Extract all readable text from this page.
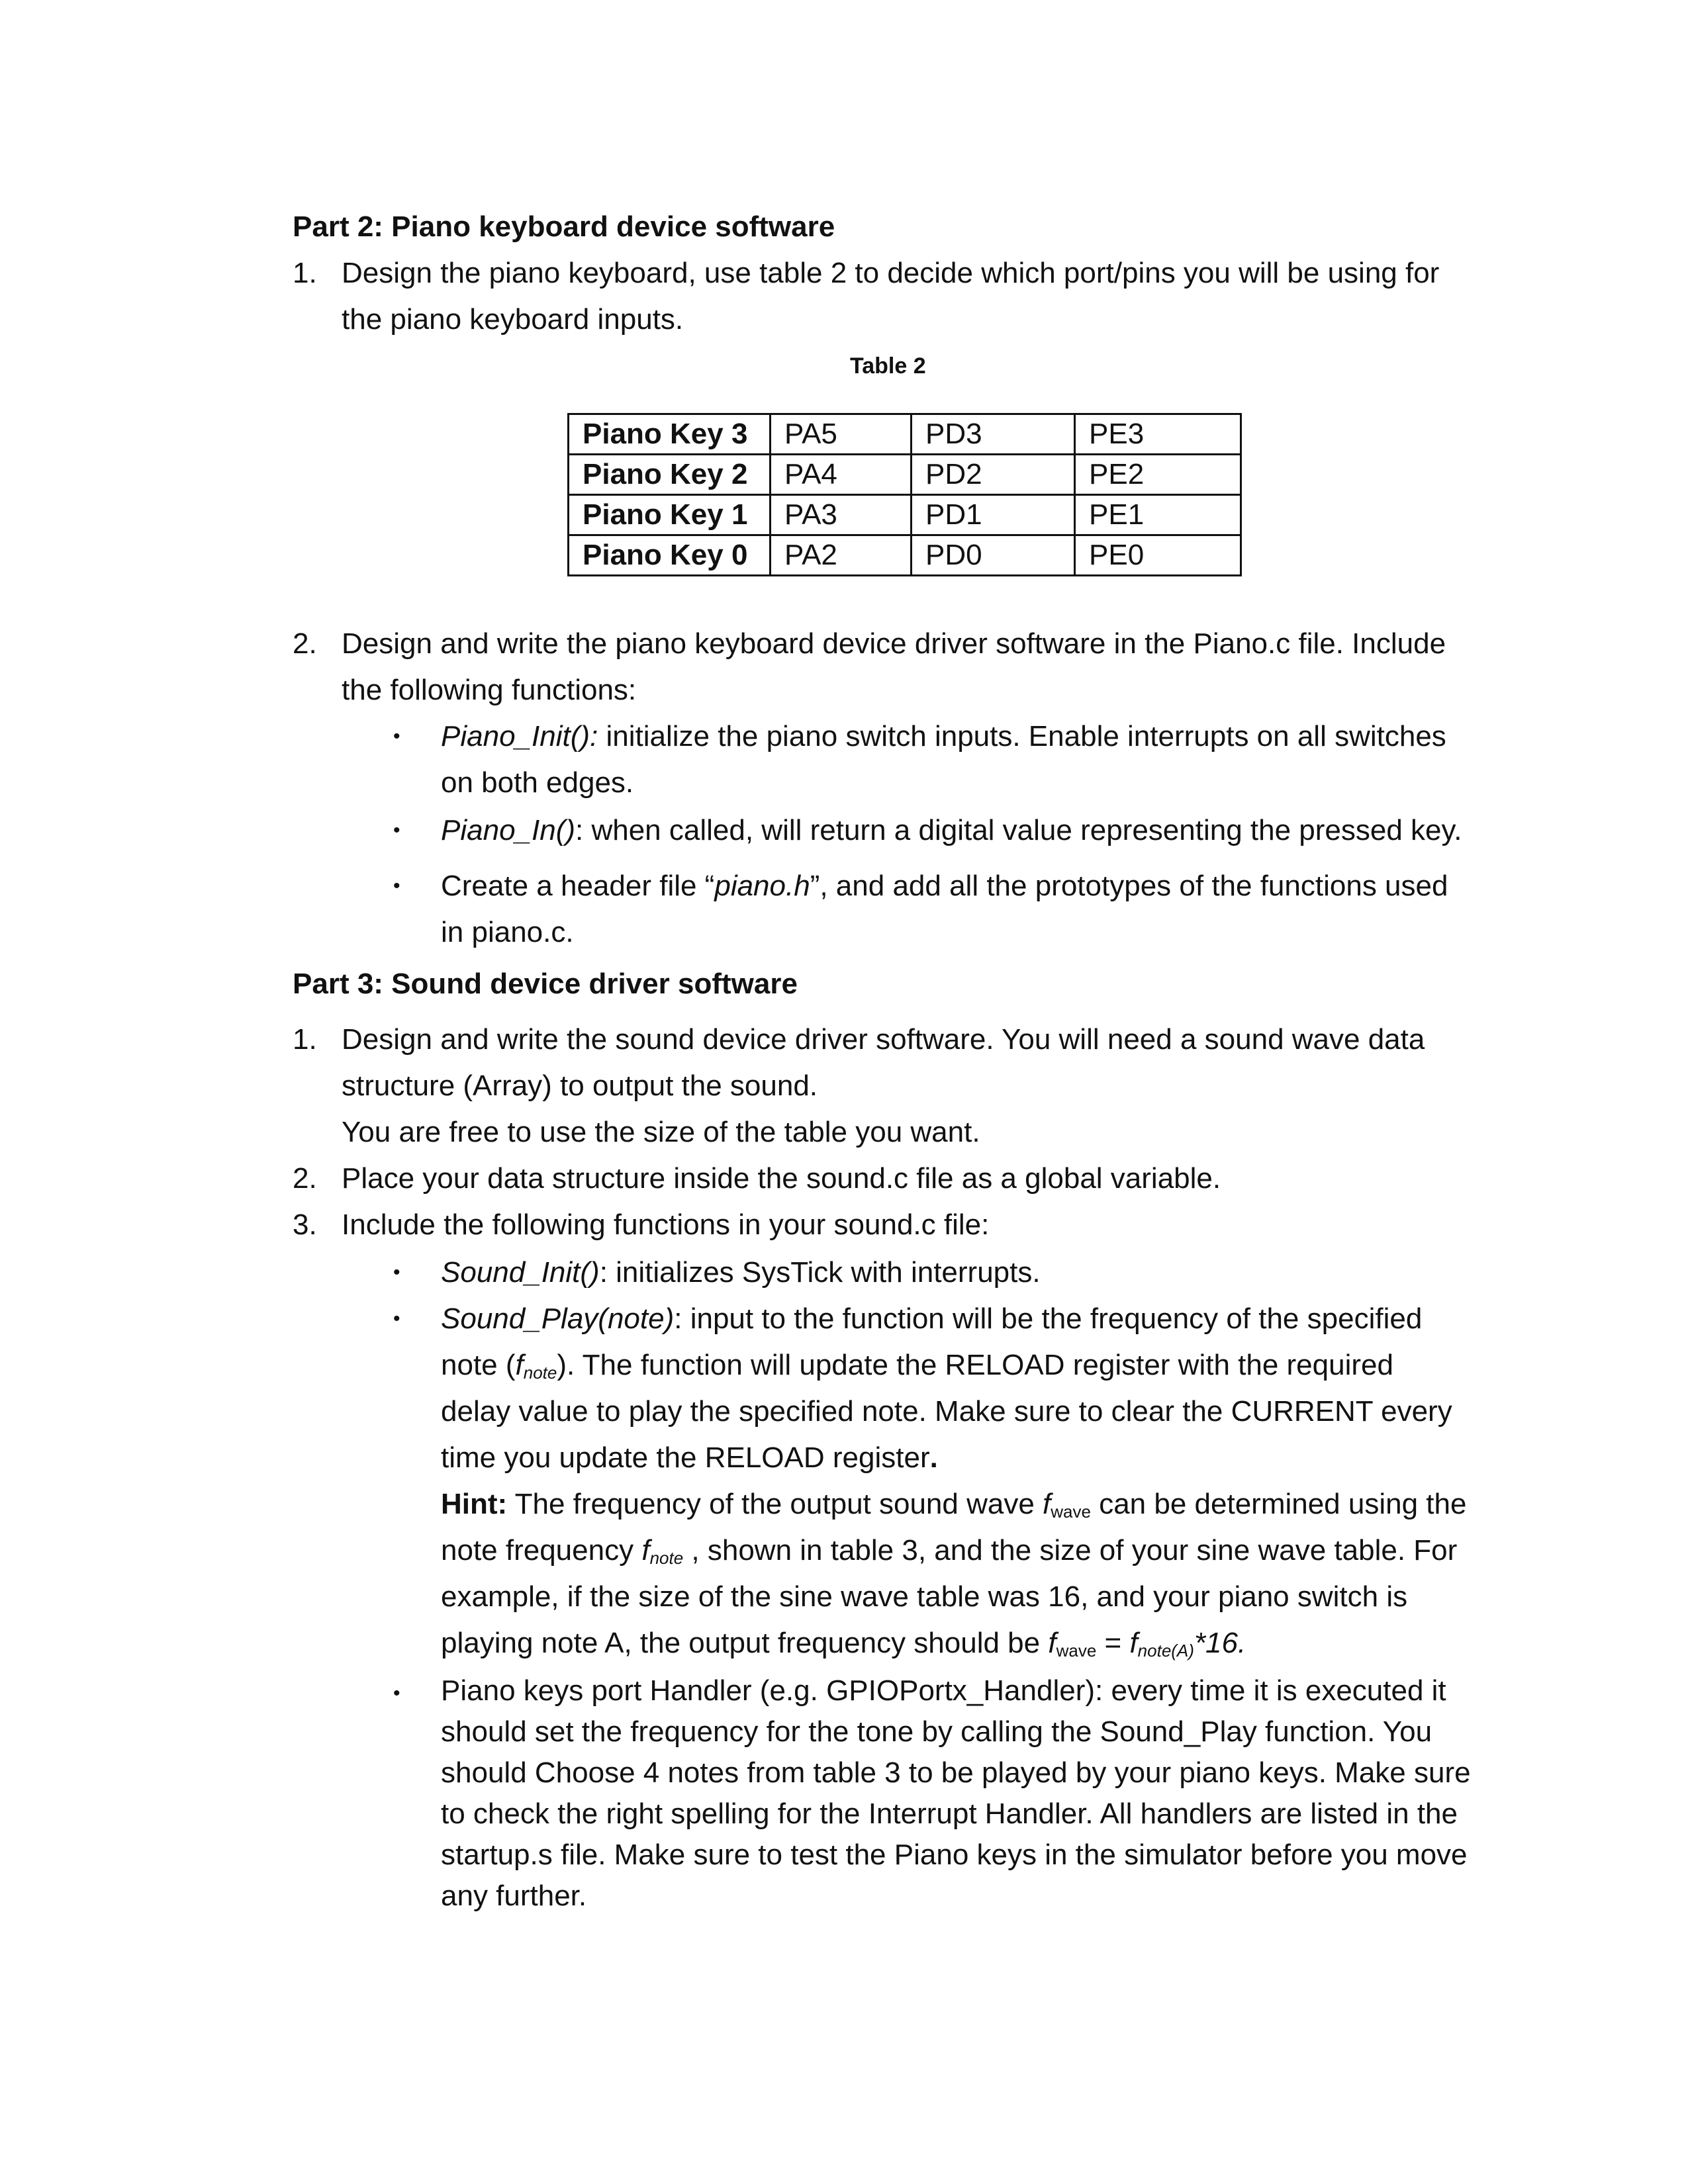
Part 2: Piano keyboard device software
1. Design the piano keyboard, use table 2 to decide which port/pins you will be using for
the piano keyboard inputs.
Table 2
Piano Key 3	PA5	PD3	PE3
Piano Key 2	PA4	PD2	PE2
Piano Key 1	PA3	PD1	PE1
Piano Key 0	PA2	PD0	PE0
2. Design and write the piano keyboard device driver software in the Piano.c file. Include
the following functions:
• Piano_Init(): initialize the piano switch inputs. Enable interrupts on all switches
on both edges.
• Piano_In(): when called, will return a digital value representing the pressed key.
• Create a header file “piano.h”, and add all the prototypes of the functions used
in piano.c.
Part 3: Sound device driver software
1. Design and write the sound device driver software. You will need a sound wave data
structure (Array) to output the sound.
You are free to use the size of the table you want.
2. Place your data structure inside the sound.c file as a global variable.
3. Include the following functions in your sound.c file:
• Sound_Init(): initializes SysTick with interrupts.
• Sound_Play(note): input to the function will be the frequency of the specified
note $(f_{note})$. The function will update the RELOAD register with the required
delay value to play the specified note. Make sure to clear the CURRENT every
time you update the RELOAD register.
Hint: The frequency of the output sound wave $f_{wave}$ can be determined using the
note frequency $f_{note}$ , shown in table 3, and the size of your sine wave table. For
example, if the size of the sine wave table was 16, and your piano switch is
playing note A, the output frequency should be $f_{wave} = f_{note(A)}*16$.
• Piano keys port Handler (e.g. GPIOPortx_Handler): every time it is executed it
should set the frequency for the tone by calling the Sound_Play function. You
should Choose 4 notes from table 3 to be played by your piano keys. Make sure
to check the right spelling for the Interrupt Handler. All handlers are listed in the
startup.s file. Make sure to test the Piano keys in the simulator before you move
any further.
